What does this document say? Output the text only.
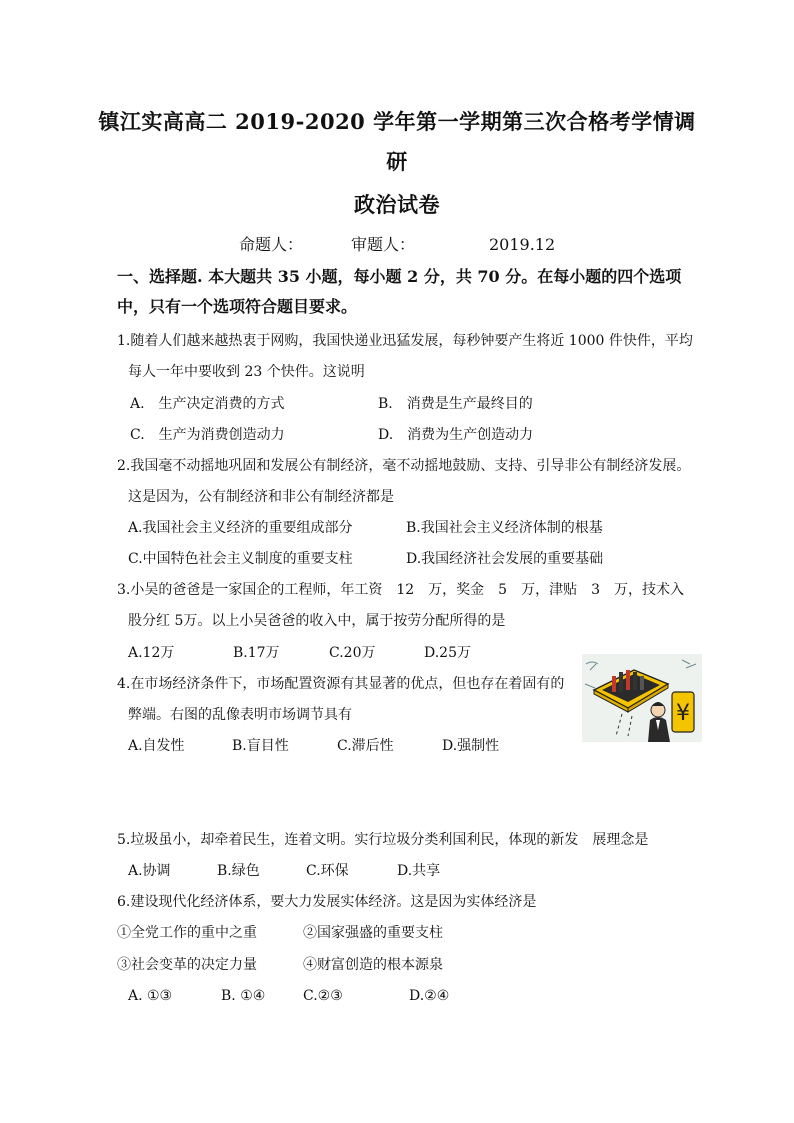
镇江实高高二 2019-2020 学年第一学期第三次合格考学情调
研
政治试卷
命题人：	审题人：	2019.12
一、选择题. 本大题共 35 小题，每小题 2 分，共 70 分。在每小题的四个选项中，只有一个选项符合题目要求。
1.随着人们越来越热衷于网购，我国快递业迅猛发展，每秒钟要产生将近 1000 件快件，平均
每人一年中要收到 23 个快件。这说明
A.　生产决定消费的方式	B.　消费是生产最终目的
C.　生产为消费创造动力	D.　消费为生产创造动力
2.我国毫不动摇地巩固和发展公有制经济，毫不动摇地鼓励、支持、引导非公有制经济发展。
这是因为，公有制经济和非公有制经济都是
A.我国社会主义经济的重要组成部分	B.我国社会主义经济体制的根基
C.中国特色社会主义制度的重要支柱	D.我国经济社会发展的重要基础
3.小吴的爸爸是一家国企的工程师，年工资　12　万，奖金　5　万，津贴　3　万，技术入
股分红 5万。以上小吴爸爸的收入中，属于按劳分配所得的是
A.12万	B.17万	C.20万	D.25万
4.在市场经济条件下，市场配置资源有其显著的优点，但也存在着固有的
弊端。右图的乱像表明市场调节具有
A.自发性	B.盲目性	C.滞后性	D.强制性
¥
5.垃圾虽小，却牵着民生，连着文明。实行垃圾分类利国利民，体现的新发　展理念是
A.协调	B.绿色	C.环保	D.共享
6.建设现代化经济体系，要大力发展实体经济。这是因为实体经济是
①全党工作的重中之重	②国家强盛的重要支柱
③社会变革的决定力量	④财富创造的根本源泉
A. ①③	B. ①④	C.②③	D.②④
